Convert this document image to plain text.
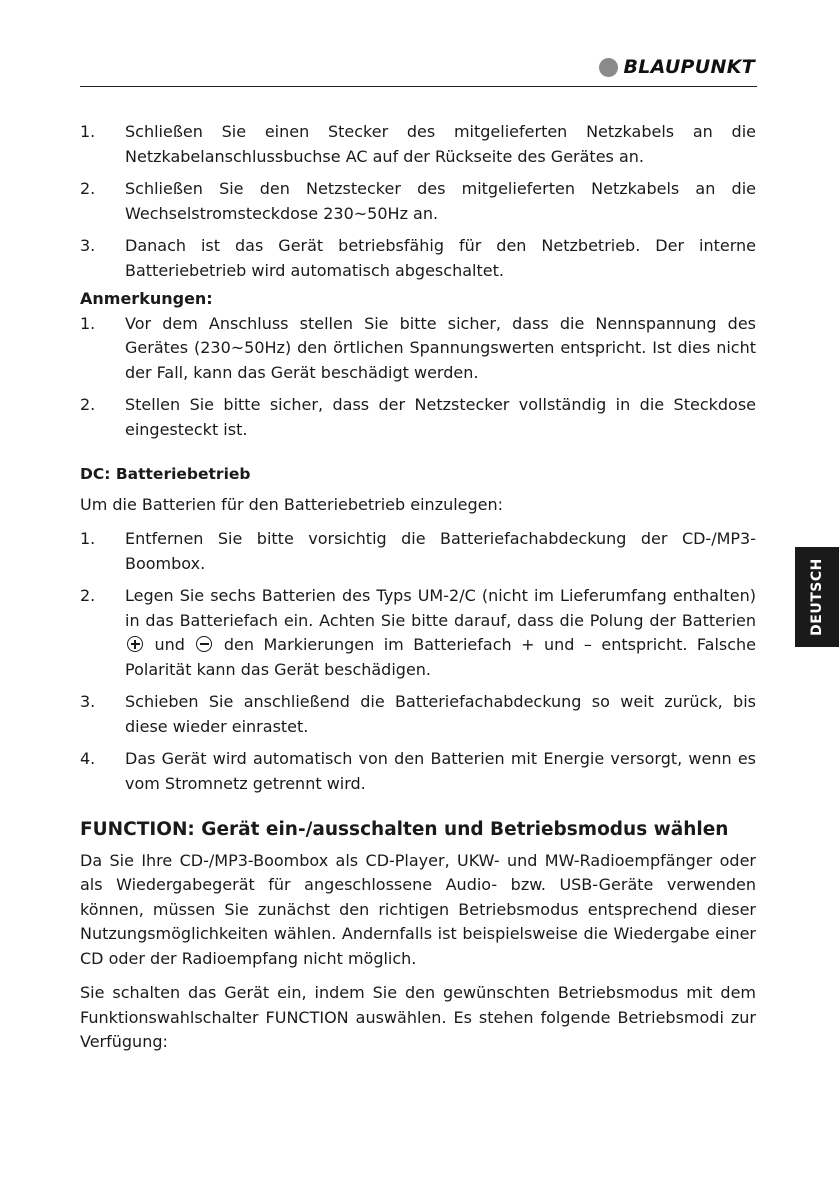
BLAUPUNKT
DEUTSCH
1.	Schließen Sie einen Stecker des mitgelieferten Netzkabels an die Netzkabelanschlussbuchse AC auf der Rückseite des Gerätes an.
2.	Schließen Sie den Netzstecker des mitgelieferten Netzkabels an die Wechselstromsteckdose 230~50Hz an.
3.	Danach ist das Gerät betriebsfähig für den Netzbetrieb. Der interne Batteriebetrieb wird automatisch abgeschaltet.
Anmerkungen:
1.	Vor dem Anschluss stellen Sie bitte sicher, dass die Nennspannung des Gerätes (230~50Hz) den örtlichen Spannungswerten entspricht. Ist dies nicht der Fall, kann das Gerät beschädigt werden.
2.	Stellen Sie bitte sicher, dass der Netzstecker vollständig in die Steckdose eingesteckt ist.
DC: Batteriebetrieb

Um die Batterien für den Batteriebetrieb einzulegen:

1.	Entfernen Sie bitte vorsichtig die Batteriefachabdeckung der CD-/MP3-Boombox.
2.	Legen Sie sechs Batterien des Typs UM-2/C (nicht im Lieferumfang enthalten) in das Batteriefach ein. Achten Sie bitte darauf, dass die Polung der Batterien  und den Markierungen im Batteriefach + und – entspricht. Falsche Polarität kann das Gerät beschädigen.
3.	Schieben Sie anschließend die Batteriefachabdeckung so weit zurück, bis diese wieder einrastet.
4.	Das Gerät wird automatisch von den Batterien mit Energie versorgt, wenn es vom Stromnetz getrennt wird.
FUNCTION: Gerät ein-/ausschalten und Betriebsmodus wählen

Da Sie Ihre CD-/MP3-Boombox als CD-Player, UKW- und MW-Radioempfänger oder als Wiedergabegerät für angeschlossene Audio- bzw. USB-Geräte verwenden können, müssen Sie zunächst den richtigen Betriebsmodus entsprechend dieser Nutzungsmöglichkeiten wählen. Andernfalls ist beispielsweise die Wiedergabe einer CD oder der Radioempfang nicht möglich.

Sie schalten das Gerät ein, indem Sie den gewünschten Betriebsmodus mit dem Funktionswahlschalter FUNCTION auswählen. Es stehen folgende Betriebsmodi zur Verfügung:
